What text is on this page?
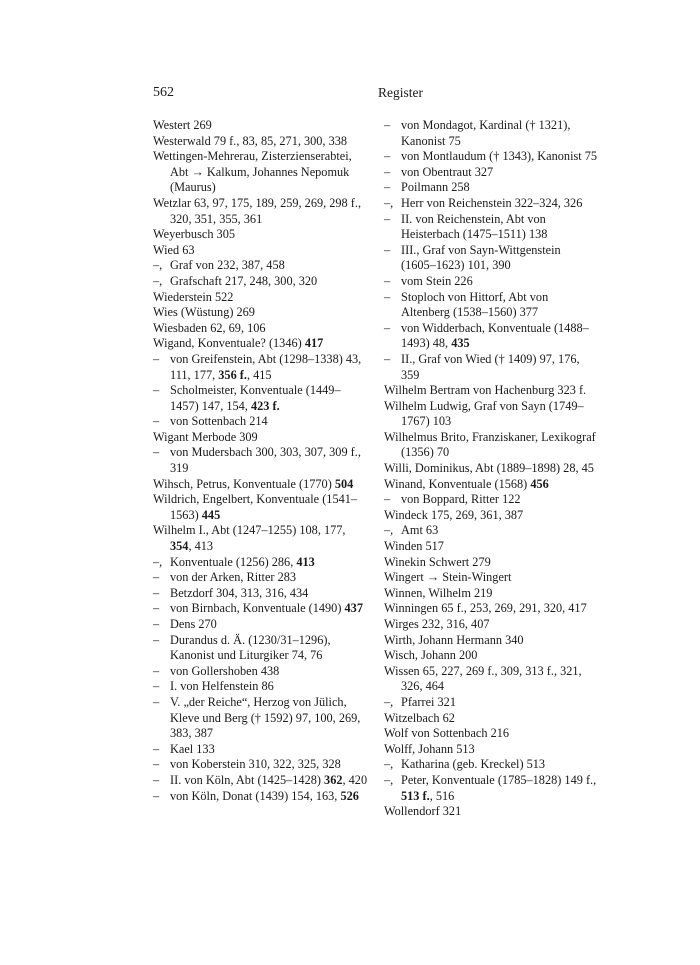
562	Register

Westert 269

Westerwald 79 f., 83, 85, 271, 300, 338

Wettingen-Mehrerau, Zisterzienserabtei, Abt → Kalkum, Johannes Nepomuk (Maurus)

Wetzlar 63, 97, 175, 189, 259, 269, 298 f., 320, 351, 355, 361

Weyerbusch 305

Wied 63

–, Graf von 232, 387, 458

–, Grafschaft 217, 248, 300, 320

Wiederstein 522

Wies (Wüstung) 269

Wiesbaden 62, 69, 106

Wigand, Konventuale? (1346) 417

– von Greifenstein, Abt (1298–1338) 43, 111, 177, 356 f., 415

– Scholmeister, Konventuale (1449–1457) 147, 154, 423 f.

– von Sottenbach 214

Wigant Merbode 309

– von Mudersbach 300, 303, 307, 309 f., 319

Wihsch, Petrus, Konventuale (1770) 504

Wildrich, Engelbert, Konventuale (1541–1563) 445

Wilhelm I., Abt (1247–1255) 108, 177, 354, 413

–, Konventuale (1256) 286, 413

– von der Arken, Ritter 283

– Betzdorf 304, 313, 316, 434

– von Birnbach, Konventuale (1490) 437

– Dens 270

– Durandus d. Ä. (1230/31–1296), Kanonist und Liturgiker 74, 76

– von Gollershoben 438

– I. von Helfenstein 86

– V. „der Reiche“, Herzog von Jülich, Kleve und Berg († 1592) 97, 100, 269, 383, 387

– Kael 133

– von Koberstein 310, 322, 325, 328

– II. von Köln, Abt (1425–1428) 362, 420

– von Köln, Donat (1439) 154, 163, 526

– von Mondagot, Kardinal († 1321), Kanonist 75

– von Montlaudum († 1343), Kanonist 75

– von Obentraut 327

– Poilmann 258

–, Herr von Reichenstein 322–324, 326

– II. von Reichenstein, Abt von Heisterbach (1475–1511) 138

– III., Graf von Sayn-Wittgenstein (1605–1623) 101, 390

– vom Stein 226

– Stoploch von Hittorf, Abt von Altenberg (1538–1560) 377

– von Widderbach, Konventuale (1488–1493) 48, 435

– II., Graf von Wied († 1409) 97, 176, 359

Wilhelm Bertram von Hachenburg 323 f.

Wilhelm Ludwig, Graf von Sayn (1749–1767) 103

Wilhelmus Brito, Franziskaner, Lexikograf (1356) 70

Willi, Dominikus, Abt (1889–1898) 28, 45

Winand, Konventuale (1568) 456

– von Boppard, Ritter 122

Windeck 175, 269, 361, 387

–, Amt 63

Winden 517

Winekin Schwert 279

Wingert → Stein-Wingert

Winnen, Wilhelm 219

Winningen 65 f., 253, 269, 291, 320, 417

Wirges 232, 316, 407

Wirth, Johann Hermann 340

Wisch, Johann 200

Wissen 65, 227, 269 f., 309, 313 f., 321, 326, 464

–, Pfarrei 321

Witzelbach 62

Wolf von Sottenbach 216

Wolff, Johann 513

–, Katharina (geb. Kreckel) 513

–, Peter, Konventuale (1785–1828) 149 f., 513 f., 516

Wollendorf 321
